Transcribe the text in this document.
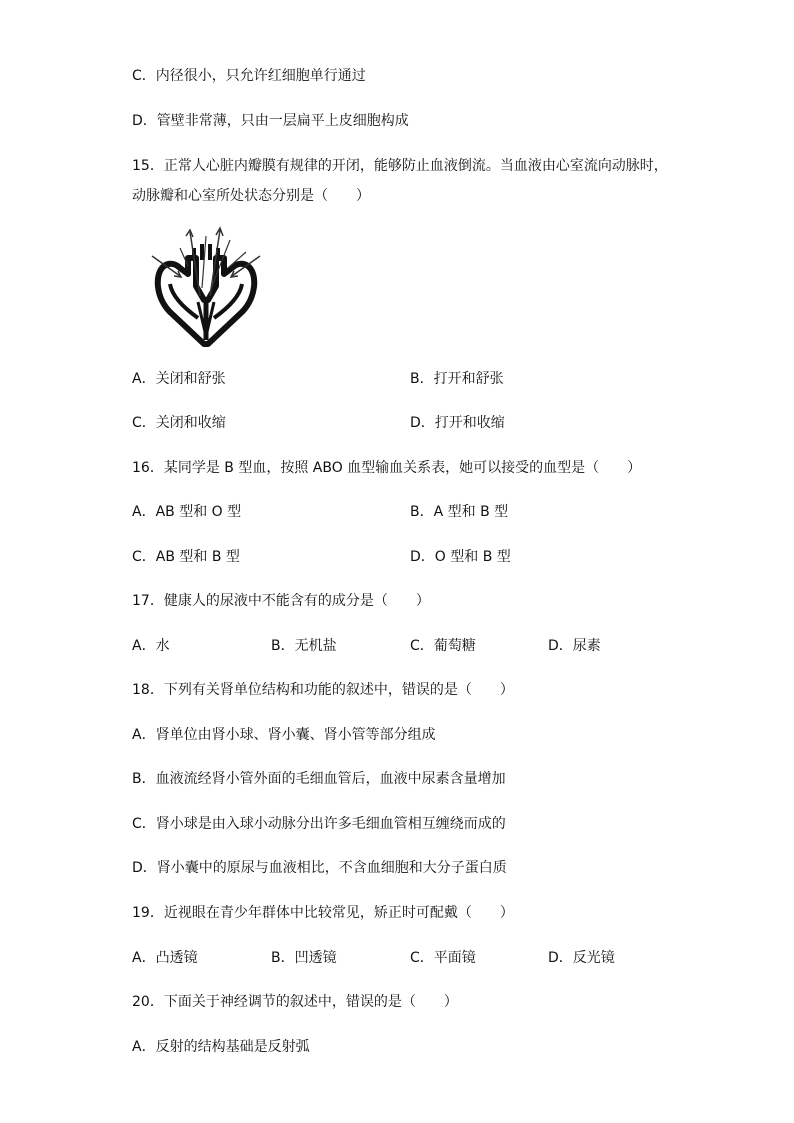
C．内径很小，只允许红细胞单行通过
D．管壁非常薄，只由一层扁平上皮细胞构成
15．正常人心脏内瓣膜有规律的开闭，能够防止血液倒流。当血液由心室流向动脉时，
动脉瓣和心室所处状态分别是（　　）
A．关闭和舒张	B．打开和舒张
C．关闭和收缩	D．打开和收缩
16．某同学是 B 型血，按照 ABO 血型输血关系表，她可以接受的血型是（　　）
A．AB 型和 O 型	B．A 型和 B 型
C．AB 型和 B 型	D．O 型和 B 型
17．健康人的尿液中不能含有的成分是（　　）
A．水	B．无机盐	C．葡萄糖	D．尿素
18．下列有关肾单位结构和功能的叙述中，错误的是（　　）
A．肾单位由肾小球、肾小囊、肾小管等部分组成
B．血液流经肾小管外面的毛细血管后，血液中尿素含量增加
C．肾小球是由入球小动脉分出许多毛细血管相互缠绕而成的
D．肾小囊中的原尿与血液相比，不含血细胞和大分子蛋白质
19．近视眼在青少年群体中比较常见，矫正时可配戴（　　）
A．凸透镜	B．凹透镜	C．平面镜	D．反光镜
20．下面关于神经调节的叙述中，错误的是（　　）
A．反射的结构基础是反射弧
